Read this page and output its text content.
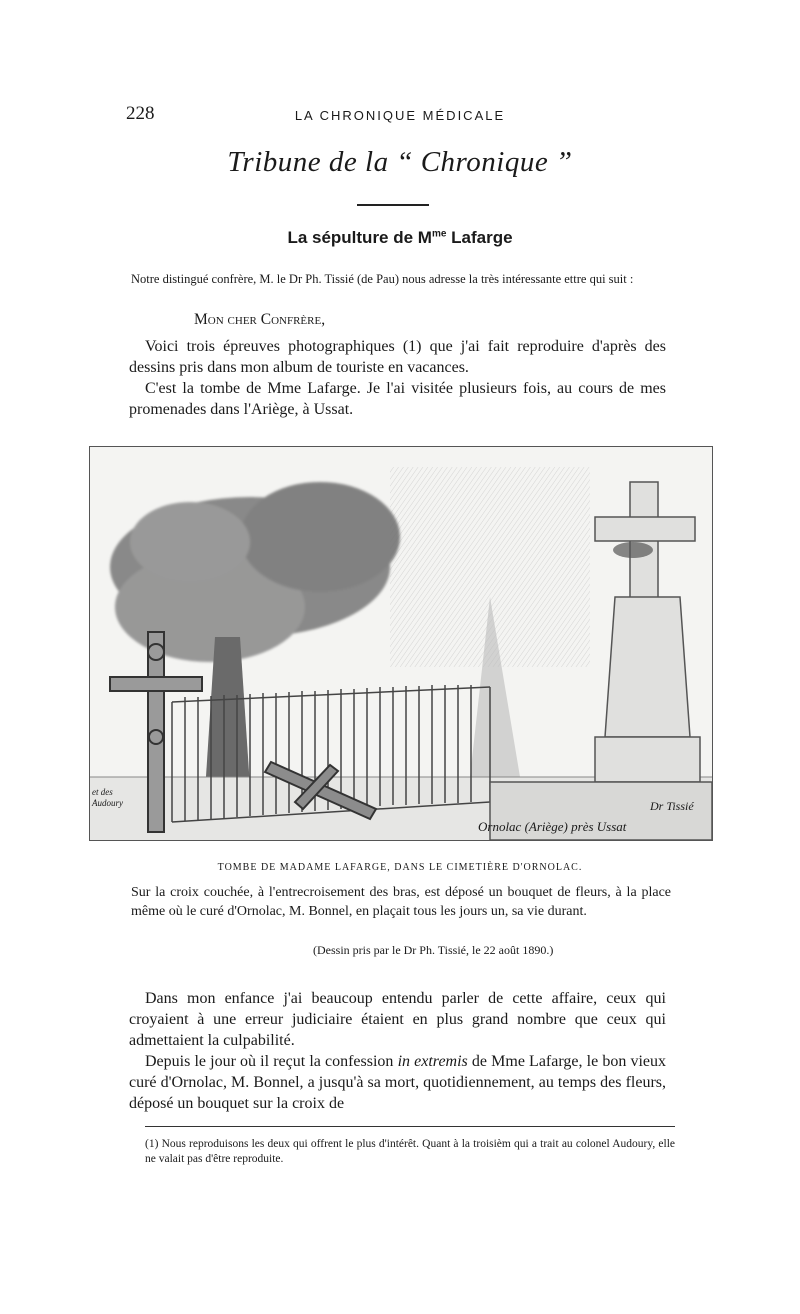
228	LA CHRONIQUE MÉDICALE
Tribune de la “ Chronique ”
La sépulture de $M^{me}$ Lafarge
Notre distingué confrère, M. le Dr Ph. Tissié (de Pau) nous adresse la très intéressante ettre qui suit :
Mon cher Confrère,
Voici trois épreuves photographiques (1) que j'ai fait reproduire d'après des dessins pris dans mon album de touriste en vacances.
C'est la tombe de Mme Lafarge. Je l'ai visitée plusieurs fois, au cours de mes promenades dans l'Ariège, à Ussat.
Ornolac (Ariège) près Ussat
Dr Tissié
et des Audoury
TOMBE DE MADAME LAFARGE, DANS LE CIMETIÈRE D'ORNOLAC.
Sur la croix couchée, à l'entrecroisement des bras, est déposé un bouquet de fleurs, à la place même où le curé d'Ornolac, M. Bonnel, en plaçait tous les jours un, sa vie durant.
(Dessin pris par le Dr Ph. Tissié, le 22 août 1890.)
Dans mon enfance j'ai beaucoup entendu parler de cette affaire, ceux qui croyaient à une erreur judiciaire étaient en plus grand nombre que ceux qui admettaient la culpabilité.
Depuis le jour où il reçut la confession in extremis de Mme Lafarge, le bon vieux curé d'Ornolac, M. Bonnel, a jusqu'à sa mort, quotidiennement, au temps des fleurs, déposé un bouquet sur la croix de
(1) Nous reproduisons les deux qui offrent le plus d'intérêt. Quant à la troisièm qui a trait au colonel Audoury, elle ne valait pas d'être reproduite.
